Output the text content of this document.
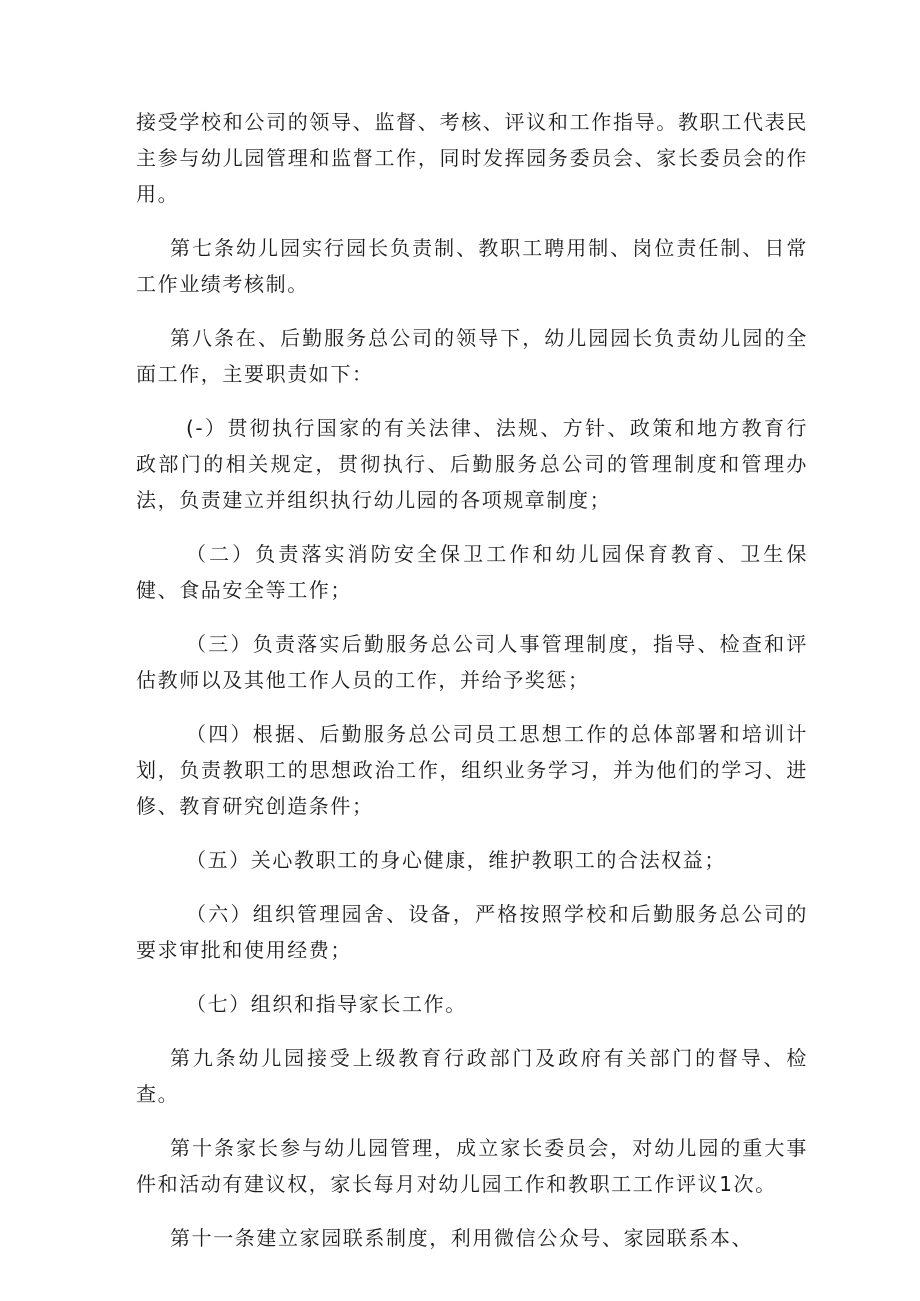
接受学校和公司的领导、监督、考核、评议和工作指导。教职工代表民主参与幼儿园管理和监督工作，同时发挥园务委员会、家长委员会的作用。

第七条幼儿园实行园长负责制、教职工聘用制、岗位责任制、日常工作业绩考核制。

第八条在、后勤服务总公司的领导下，幼儿园园长负责幼儿园的全面工作，主要职责如下：

(-）贯彻执行国家的有关法律、法规、方针、政策和地方教育行政部门的相关规定，贯彻执行、后勤服务总公司的管理制度和管理办法，负责建立并组织执行幼儿园的各项规章制度；

（二）负责落实消防安全保卫工作和幼儿园保育教育、卫生保健、食品安全等工作；

（三）负责落实后勤服务总公司人事管理制度，指导、检查和评估教师以及其他工作人员的工作，并给予奖惩；

（四）根据、后勤服务总公司员工思想工作的总体部署和培训计划，负责教职工的思想政治工作，组织业务学习，并为他们的学习、进修、教育研究创造条件；

（五）关心教职工的身心健康，维护教职工的合法权益；

（六）组织管理园舍、设备，严格按照学校和后勤服务总公司的要求审批和使用经费；

（七）组织和指导家长工作。

第九条幼儿园接受上级教育行政部门及政府有关部门的督导、检查。

第十条家长参与幼儿园管理，成立家长委员会，对幼儿园的重大事件和活动有建议权，家长每月对幼儿园工作和教职工工作评议1次。

第十一条建立家园联系制度，利用微信公众号、家园联系本、
